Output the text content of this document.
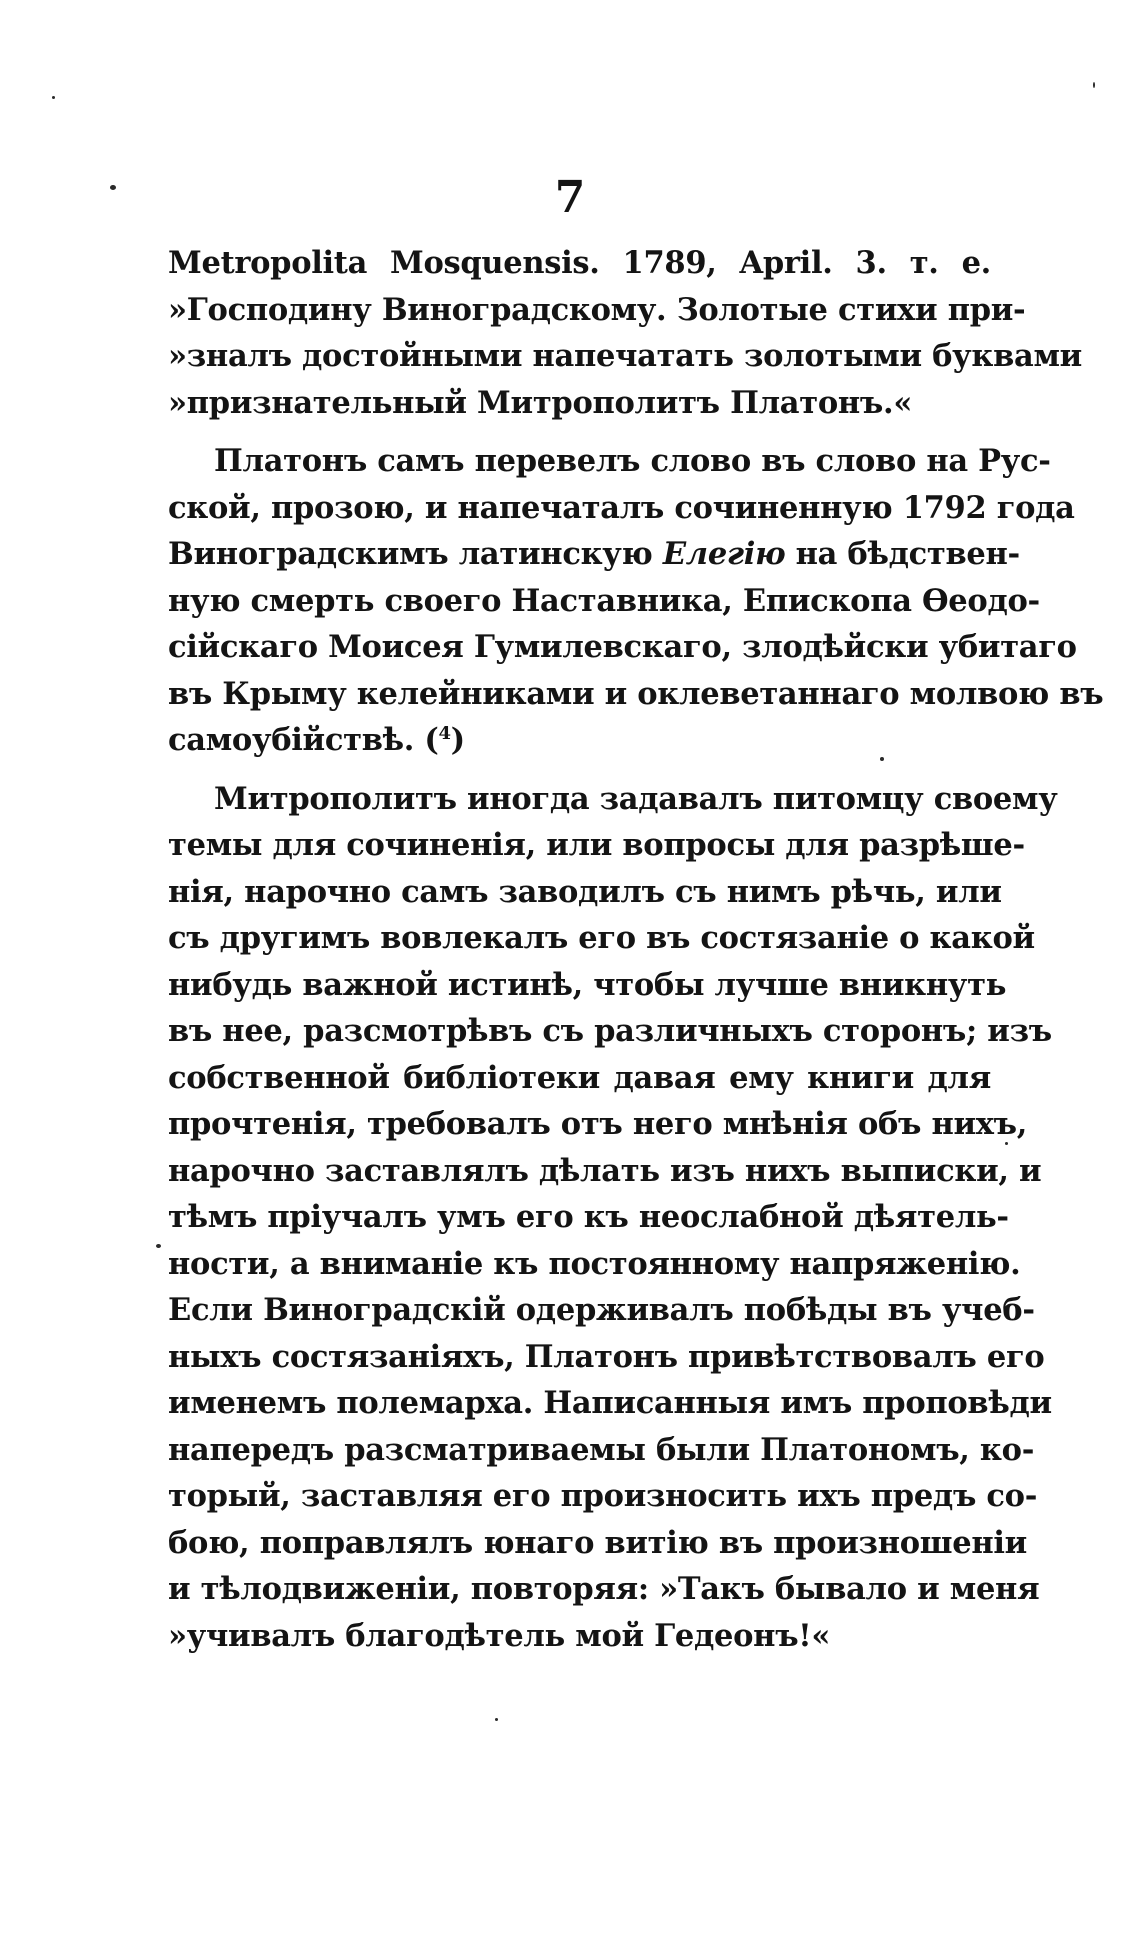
7
Metropolita Mosquensis. 1789, April. 3. т. е.
»Господину Виноградскому. Золотые стихи при-
»зналъ достойными напечатать золотыми буквами
»признательный Митрополитъ Платонъ.«
Платонъ самъ перевелъ слово въ слово на Рус-
ской, прозою, и напечаталъ сочиненную 1792 года
Виноградскимъ латинскую Елегію на бѣдствен-
ную смерть своего Наставника, Епископа Өеодо-
сійскаго Моисея Гумилевскаго, злодѣйски убитаго
въ Крыму келейниками и оклеветаннаго молвою въ
самоубійствѣ. ($^4$)
Митрополитъ иногда задавалъ питомцу своему
темы для сочиненія, или вопросы для разрѣше-
нія, нарочно самъ заводилъ съ нимъ рѣчь, или
съ другимъ вовлекалъ его въ состязаніе о какой
нибудь важной истинѣ, чтобы лучше вникнуть
въ нее, разсмотрѣвъ съ различныхъ сторонъ; изъ
собственной библіотеки давая ему книги для
прочтенія, требовалъ отъ него мнѣнія объ нихъ,
нарочно заставлялъ дѣлать изъ нихъ выписки, и
тѣмъ пріучалъ умъ его къ неослабной дѣятель-
ности, а вниманіе къ постоянному напряженію.
Если Виноградскій одерживалъ побѣды въ учеб-
ныхъ состязаніяхъ, Платонъ привѣтствовалъ его
именемъ полемарха. Написанныя имъ проповѣди
напередъ разсматриваемы были Платономъ, ко-
торый, заставляя его произносить ихъ предъ со-
бою, поправлялъ юнаго витію въ произношеніи
и тѣлодвиженіи, повторяя: »Такъ бывало и меня
»учивалъ благодѣтель мой Гедеонъ!«
